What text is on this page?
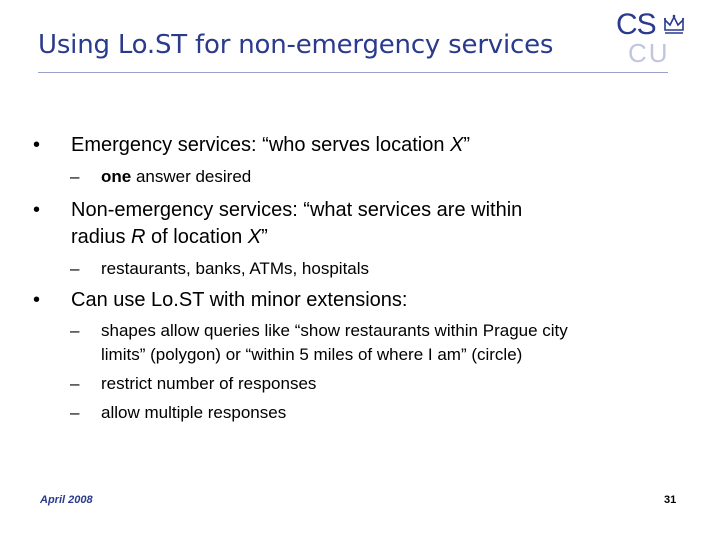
Using Lo.ST for non-emergency services
CS
CU
•	Emergency services: “who serves location X”
– one answer desired
•	Non-emergency services: “what services are within
radius R of location X”
– restaurants, banks, ATMs, hospitals
•	Can use Lo.ST with minor extensions:
– shapes allow queries like “show restaurants within Prague city
limits” (polygon) or “within 5 miles of where I am” (circle)
– restrict number of responses
– allow multiple responses
April 2008	31
